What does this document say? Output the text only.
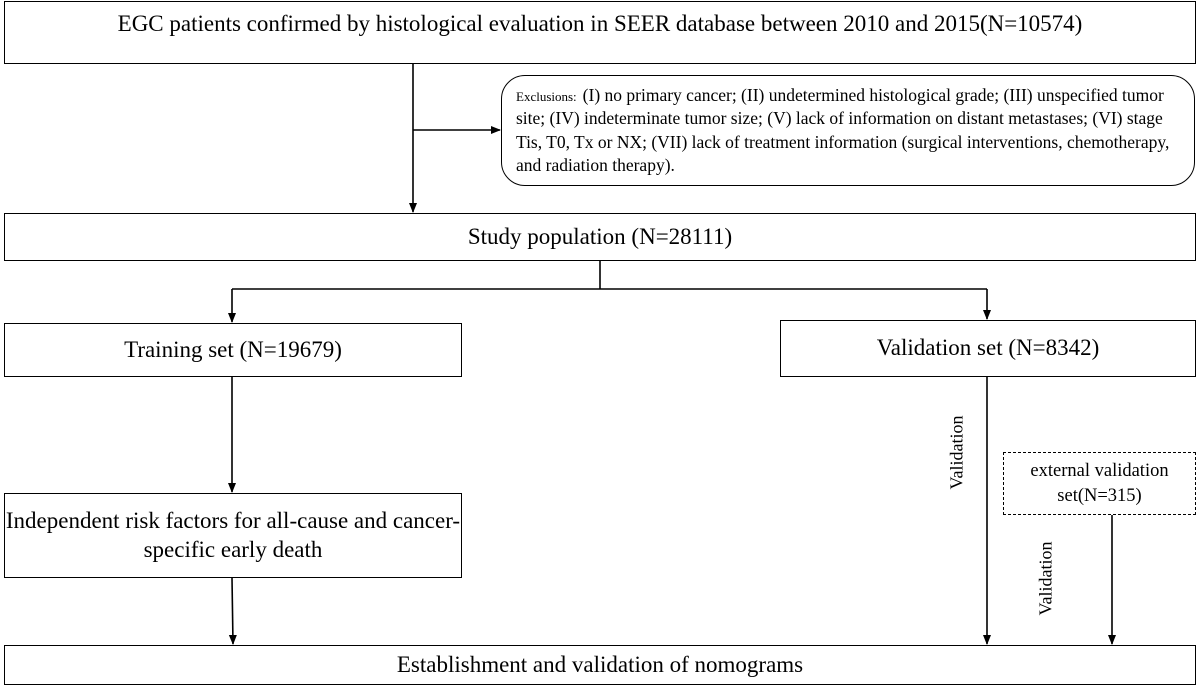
EGC patients confirmed by histological evaluation in SEER database between 2010 and 2015(N=10574)
Exclusions: (I) no primary cancer; (II) undetermined histological grade; (III) unspecified tumor site; (IV) indeterminate tumor size; (V) lack of information on distant metastases; (VI) stage Tis, T0, Tx or NX; (VII) lack of treatment information (surgical interventions, chemotherapy, and radiation therapy).
Study population (N=28111)
Training set (N=19679)	Validation set (N=8342)
Independent risk factors for all-cause and cancer-specific early death
external validation set(N=315)
Establishment and validation of nomograms
Validation
Validation
